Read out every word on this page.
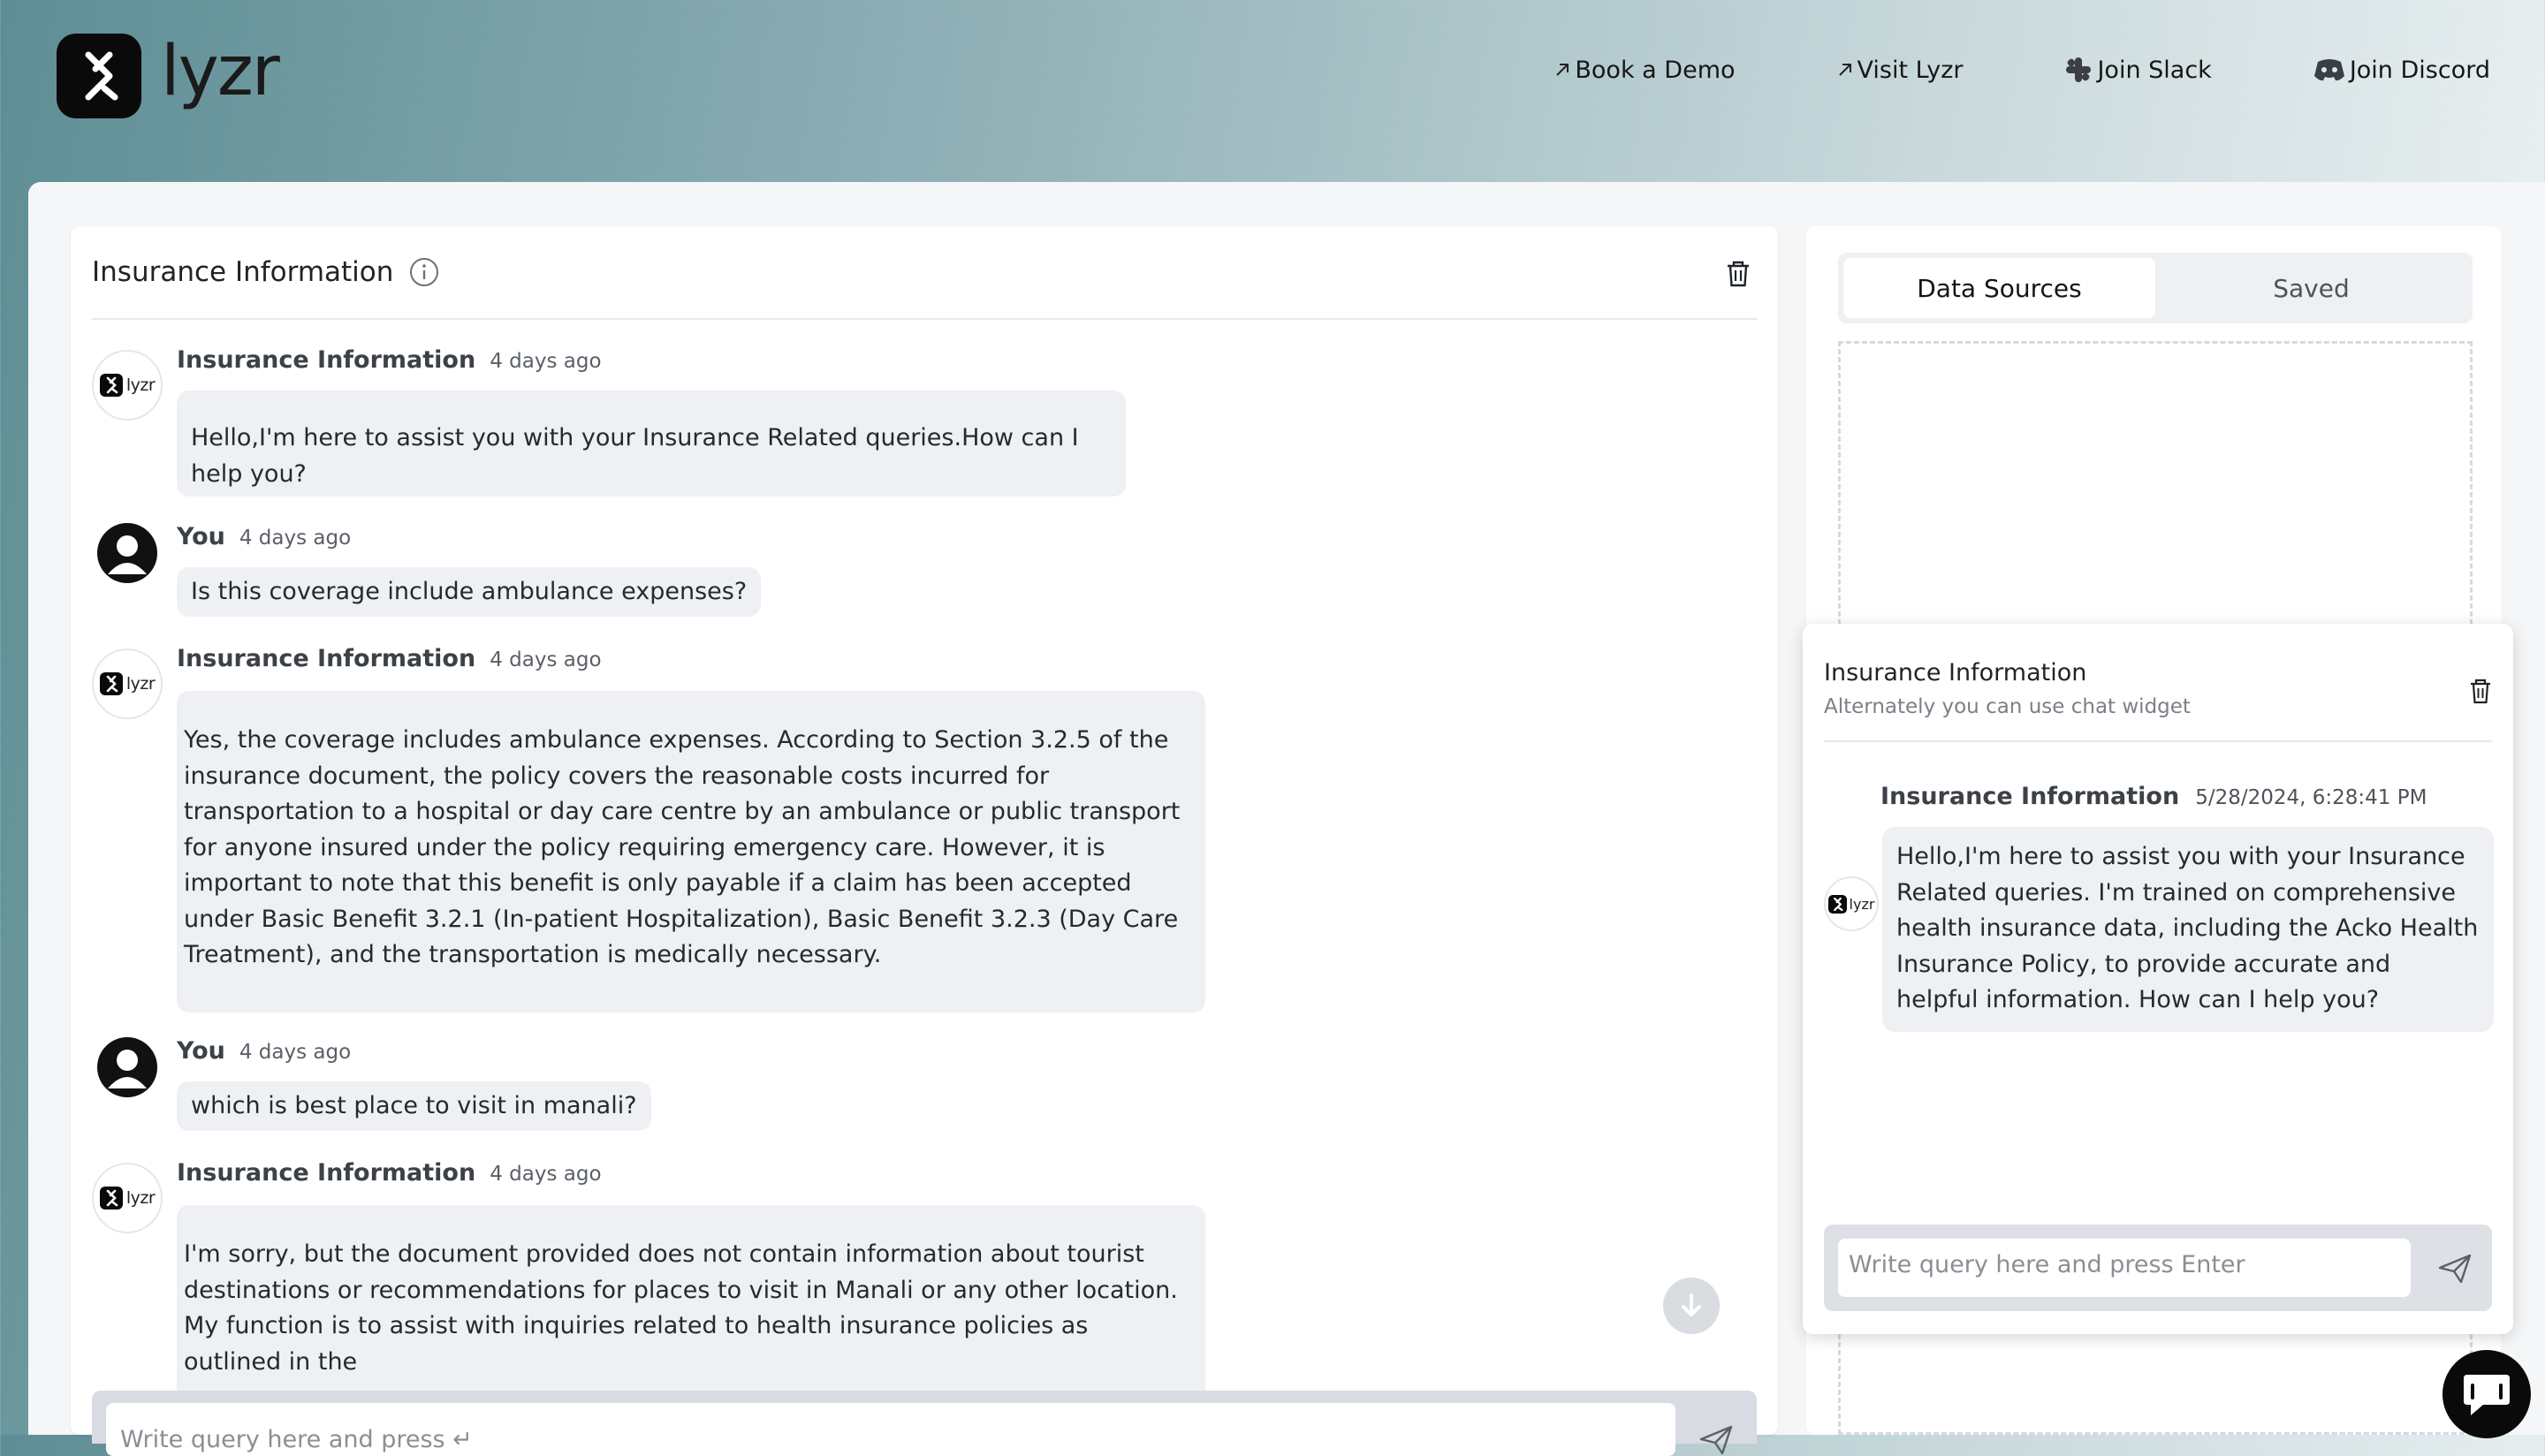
lyzr	Book a Demo	Visit Lyzr	Join Slack	Join Discord
Insurance Information
lyzr
Insurance Information 4 days ago
Hello,I'm here to assist you with your Insurance Related queries.How can I help you?
You 4 days ago
Is this coverage include ambulance expenses?
lyzr
Insurance Information 4 days ago
Yes, the coverage includes ambulance expenses. According to Section 3.2.5 of the insurance document, the policy covers the reasonable costs incurred for transportation to a hospital or day care centre by an ambulance or public transport for anyone insured under the policy requiring emergency care. However, it is important to note that this benefit is only payable if a claim has been accepted under Basic Benefit 3.2.1 (In-patient Hospitalization), Basic Benefit 3.2.3 (Day Care Treatment), and the transportation is medically necessary.
You 4 days ago
which is best place to visit in manali?
lyzr
Insurance Information 4 days ago
I'm sorry, but the document provided does not contain information about tourist destinations or recommendations for places to visit in Manali or any other location. My function is to assist with inquiries related to health insurance policies as outlined in the
Write query here and press ↵
Data Sources	Saved
Insurance Information
Alternately you can use chat widget
Insurance Information 5/28/2024, 6:28:41 PM
lyzr
Hello,I'm here to assist you with your Insurance Related queries. I'm trained on comprehensive health insurance data, including the Acko Health Insurance Policy, to provide accurate and helpful information. How can I help you?
Write query here and press Enter
